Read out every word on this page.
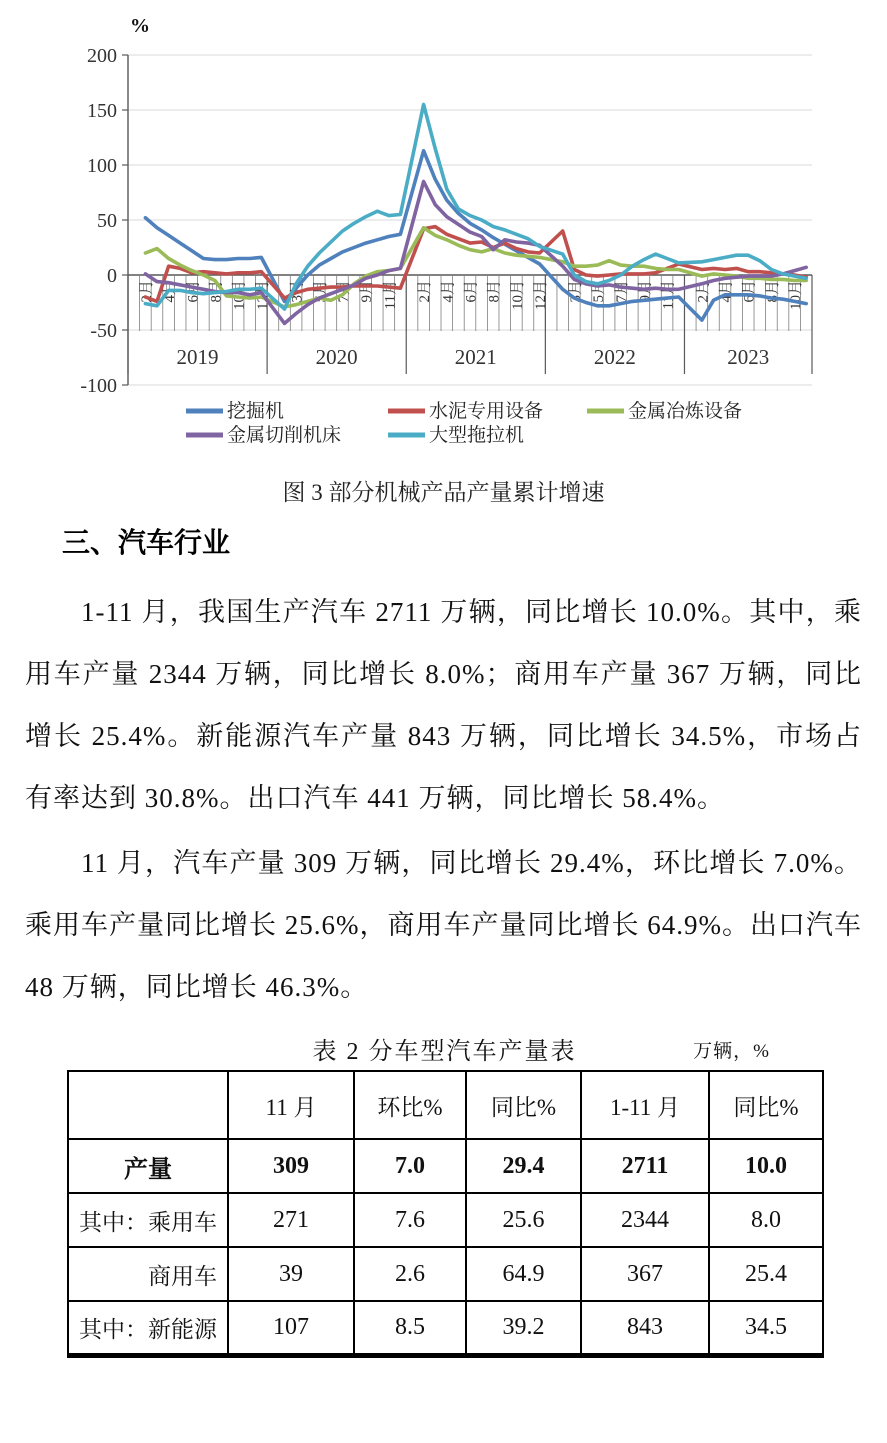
200
150
100
50
0
-50
-100
%
2月 4月 6月 8月 10月 12月 3月 5月 7月 9月 11月 2月 4月 6月 8月 10月 12月 3月 5月 7月 9月 11月 2月 4月 6月 8月 10月
2019	2020	2021	2022	2023
挖掘机	水泥专用设备	金属冶炼设备
金属切削机床	大型拖拉机

图 3 部分机械产品产量累计增速

三、汽车行业

1-11 月，我国生产汽车 2711 万辆，同比增长 10.0%。其中，乘用车产量 2344 万辆，同比增长 8.0%；商用车产量 367 万辆，同比增长 25.4%。新能源汽车产量 843 万辆，同比增长 34.5%，市场占有率达到 30.8%。出口汽车 441 万辆，同比增长 58.4%。

11 月，汽车产量 309 万辆，同比增长 29.4%，环比增长 7.0%。乘用车产量同比增长 25.6%，商用车产量同比增长 64.9%。出口汽车 48 万辆，同比增长 46.3%。

表 2 分车型汽车产量表	万辆，%
	11 月	环比%	同比%	1-11 月	同比%
产量	309	7.0	29.4	2711	10.0
其中：乘用车	271	7.6	25.6	2344	8.0
商用车	39	2.6	64.9	367	25.4
其中：新能源	107	8.5	39.2	843	34.5
